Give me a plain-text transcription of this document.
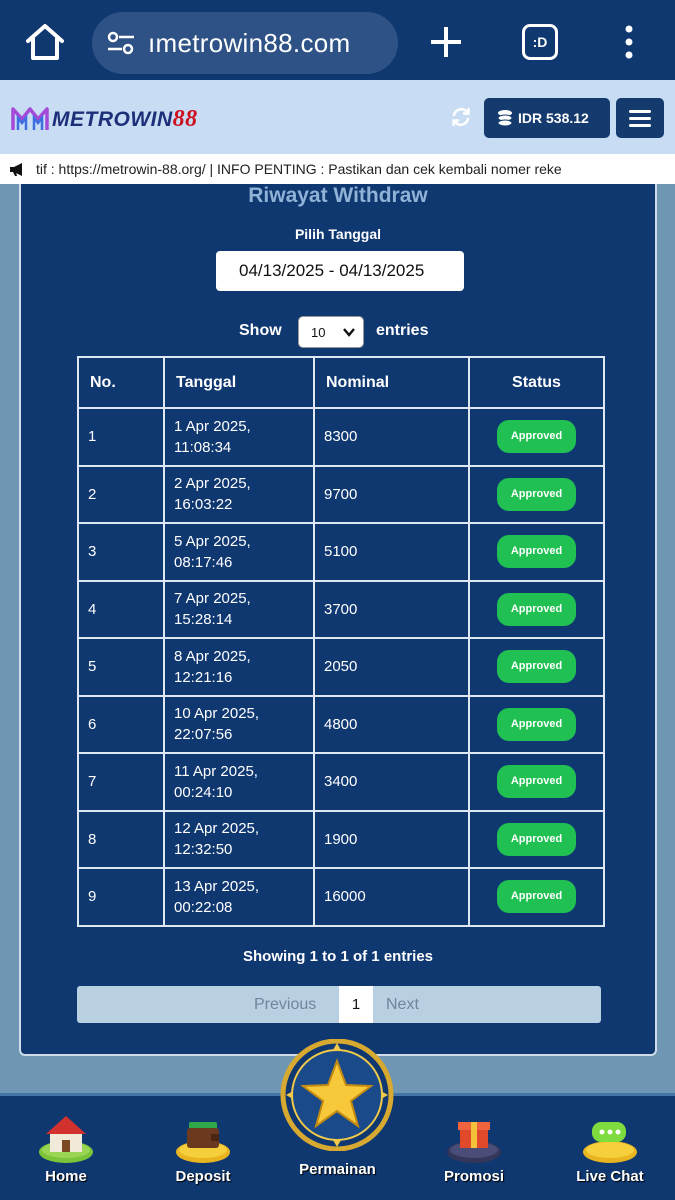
ımetrowin88.com	:D
METROWIN88	IDR 538.12
tif : https://metrowin-88.org/ | INFO PENTING : Pastikan dan cek kembali nomer reke
Riwayat Withdraw
Pilih Tanggal
04/13/2025 - 04/13/2025
Show 10	entries
No.	Tanggal	Nominal	Status
1	1 Apr 2025,
11:08:34	8300	Approved
2	2 Apr 2025,
16:03:22	9700	Approved
3	5 Apr 2025,
08:17:46	5100	Approved
4	7 Apr 2025,
15:28:14	3700	Approved
5	8 Apr 2025,
12:21:16	2050	Approved
6	10 Apr 2025,
22:07:56	4800	Approved
7	11 Apr 2025,
00:24:10	3400	Approved
8	12 Apr 2025,
12:32:50	1900	Approved
9	13 Apr 2025,
00:22:08	16000	Approved
Showing 1 to 1 of 1 entries
Previous	1	Next
Home	Deposit	Promosi	Live Chat
Permainan
